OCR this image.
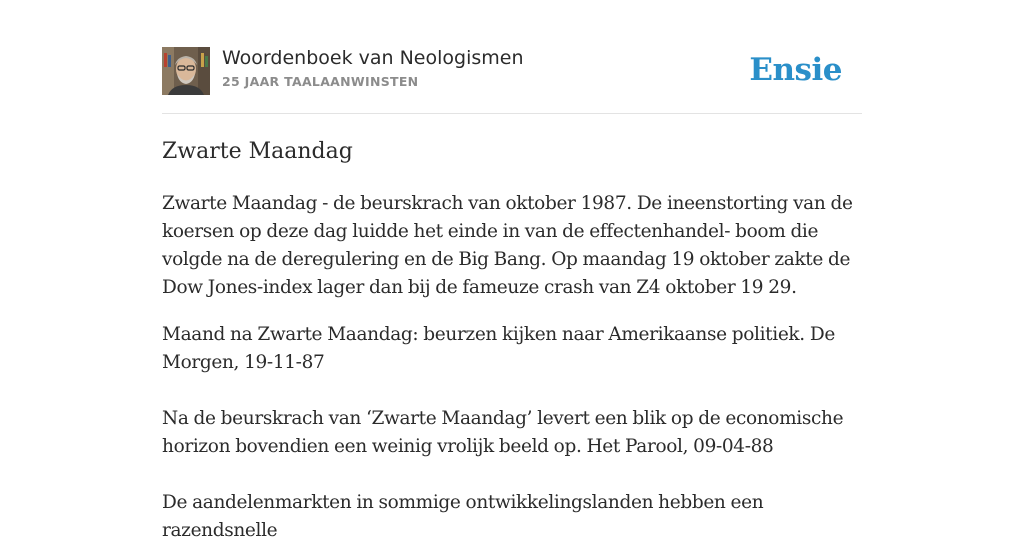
Woordenboek van Neologismen
25 JAAR TAALAANWINSTEN	Ensie
Zwarte Maandag

Zwarte Maandag - de beurskrach van oktober 1987. De ineenstorting van de koersen op deze dag luidde het einde in van de effectenhandel- boom die volgde na de deregulering en de Big Bang. Op maandag 19 oktober zakte de Dow Jones-index lager dan bij de fameuze crash van Z4 oktober 19 29.

Maand na Zwarte Maandag: beurzen kijken naar Amerikaanse politiek. De Morgen, 19-11-87

Na de beurskrach van ‘Zwarte Maandag’ levert een blik op de economische horizon bovendien een weinig vrolijk beeld op. Het Parool, 09-04-88

De aandelenmarkten in sommige ontwikkelingslanden hebben een razendsnelle
